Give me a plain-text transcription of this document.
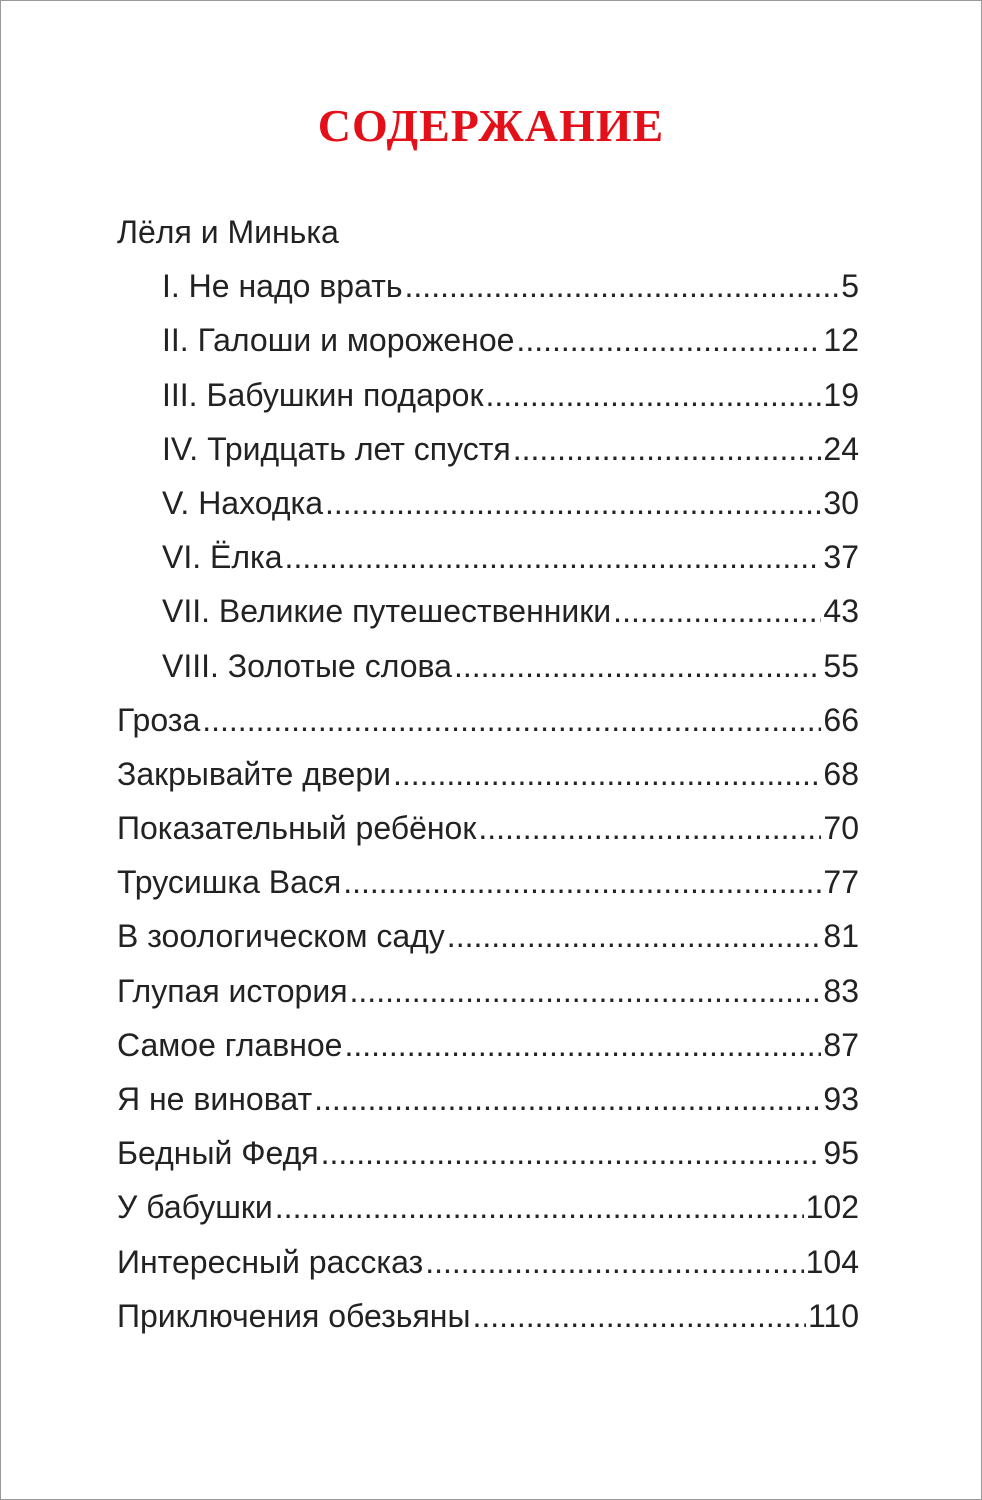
СОДЕРЖАНИЕ
Лёля и Минька
I. Не надо врать .....	5
II. Галоши и мороженое .....	12
III. Бабушкин подарок .....	19
IV. Тридцать лет спустя .....	24
V. Находка .....	30
VI. Ёлка .....	37
VII. Великие путешественники .....	43
VIII. Золотые слова .....	55
Гроза .....	66
Закрывайте двери .....	68
Показательный ребёнок .....	70
Трусишка Вася .....	77
В зоологическом саду .....	81
Глупая история .....	83
Самое главное .....	87
Я не виноват .....	93
Бедный Федя .....	95
У бабушки .....	102
Интересный рассказ .....	104
Приключения обезьяны .....	110
